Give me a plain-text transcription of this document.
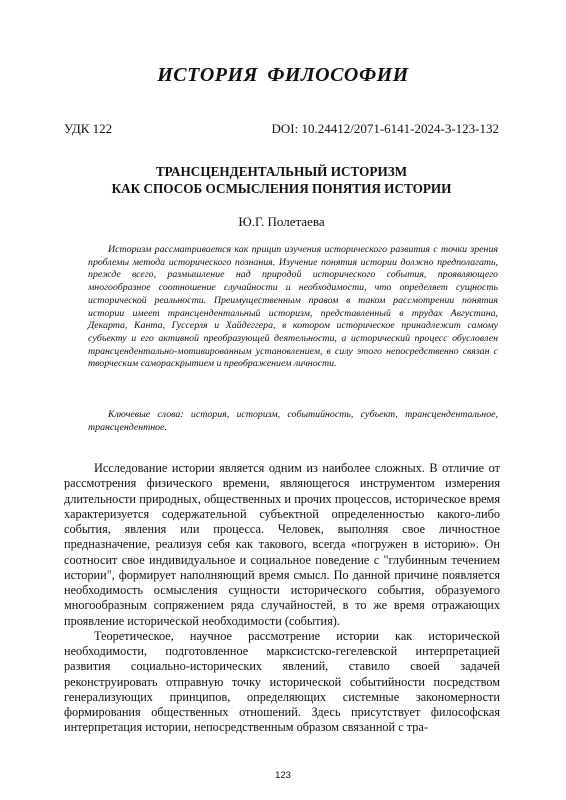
ИСТОРИЯ ФИЛОСОФИИ
УДК 122	DOI: 10.24412/2071-6141-2024-3-123-132
ТРАНСЦЕНДЕНТАЛЬНЫЙ ИСТОРИЗМ
КАК СПОСОБ ОСМЫСЛЕНИЯ ПОНЯТИЯ ИСТОРИИ
Ю.Г. Полетаева

Историзм рассматривается как прицип изучения исторического развития с точки зрения проблемы метода исторического познания. Изучение понятия истории должно предполагать, прежде всего, размышление над природой исторического события, проявляющего многообразное соотношение случайности и необходимости, что определяет сущность исторической реальности. Преимущественным правом в таком рассмотрении понятия истории имеет трансцендентальный историзм, представленный в трудах Августина, Декарта, Канта, Гуссерля и Хайдеггера, в котором историческое принадлежит самому субъекту и его активной преобразующей деятельности, а исторический процесс обусловлен трансцендентально-мотивированным установлением, в силу этого непосредственно связан с творческим самораскрытием и преображением личности.

Ключевые слова: история, историзм, событийность, субъект, трансцендентальное, трансцендентное.

Исследование истории является одним из наиболее сложных. В отличие от рассмотрения физического времени, являющегося инструментом измерения длительности природных, общественных и прочих процессов, историческое время характеризуется содержательной субъектной определенностью какого-либо события, явления или процесса. Человек, выполняя свое личностное предназначение, реализуя себя как такового, всегда «погружен в историю». Он соотносит свое индивидуальное и социальное поведение с "глубинным течением истории", формирует наполняющий время смысл. По данной причине появляется необходимость осмысления сущности исторического события, образуемого многообразным сопряжением ряда случайностей, в то же время отражающих проявление исторической необходимости (события).

Теоретическое, научное рассмотрение истории как исторической необходимости, подготовленное марксистско-гегелевской интерпретацией развития социально-исторических явлений, ставило своей задачей реконструировать отправную точку исторической событийности посредством генерализующих принципов, определяющих системные закономерности формирования общественных отношений. Здесь присутствует философская интерпретация истории, непосредственным образом связанной с тра-

123
